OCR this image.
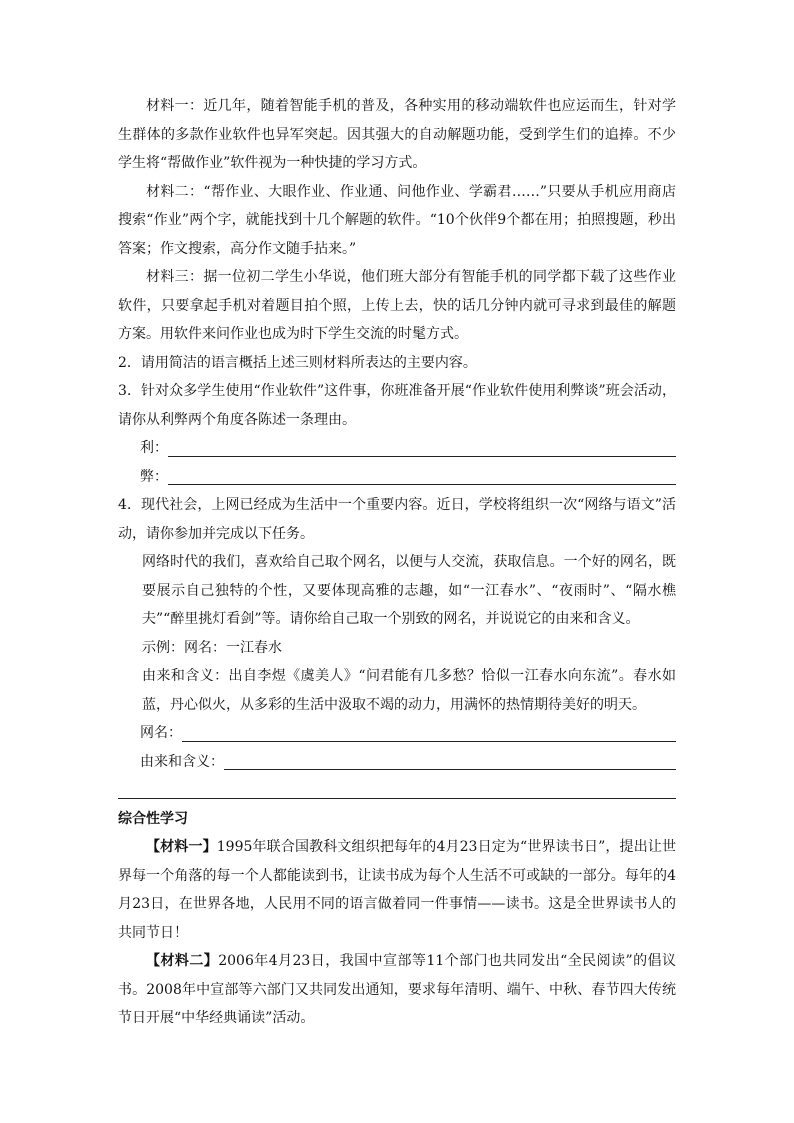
材料一：近几年，随着智能手机的普及，各种实用的移动端软件也应运而生，针对学生群体的多款作业软件也异军突起。因其强大的自动解题功能，受到学生们的追捧。不少学生将“帮做作业”软件视为一种快捷的学习方式。

材料二：“帮作业、大眼作业、作业通、问他作业、学霸君……”只要从手机应用商店搜索“作业”两个字，就能找到十几个解题的软件。“10个伙伴9个都在用；拍照搜题，秒出答案；作文搜索，高分作文随手拈来。”

材料三：据一位初二学生小华说，他们班大部分有智能手机的同学都下载了这些作业软件，只要拿起手机对着题目拍个照，上传上去，快的话几分钟内就可寻求到最佳的解题方案。用软件来问作业也成为时下学生交流的时髦方式。

2．请用简洁的语言概括上述三则材料所表达的主要内容。

3．针对众多学生使用“作业软件”这件事，你班准备开展“作业软件使用利弊谈”班会活动，请你从利弊两个角度各陈述一条理由。

利：
弊：

4．现代社会，上网已经成为生活中一个重要内容。近日，学校将组织一次“网络与语文”活动，请你参加并完成以下任务。

网络时代的我们，喜欢给自己取个网名，以便与人交流，获取信息。一个好的网名，既要展示自己独特的个性，又要体现高雅的志趣，如“一江春水”、“夜雨时”、“隔水樵夫”“醉里挑灯看剑”等。请你给自己取一个别致的网名，并说说它的由来和含义。

示例：网名：一江春水

由来和含义：出自李煜《虞美人》“问君能有几多愁？恰似一江春水向东流”。春水如蓝，丹心似火，从多彩的生活中汲取不竭的动力，用满怀的热情期待美好的明天。

网名：
由来和含义：

综合性学习

【材料一】1995年联合国教科文组织把每年的4月23日定为“世界读书日”，提出让世界每一个角落的每一个人都能读到书，让读书成为每个人生活不可或缺的一部分。每年的4月23日，在世界各地，人民用不同的语言做着同一件事情——读书。这是全世界读书人的共同节日！

【材料二】2006年4月23日，我国中宣部等11个部门也共同发出“全民阅读”的倡议书。2008年中宣部等六部门又共同发出通知，要求每年清明、端午、中秋、春节四大传统节日开展“中华经典诵读”活动。
